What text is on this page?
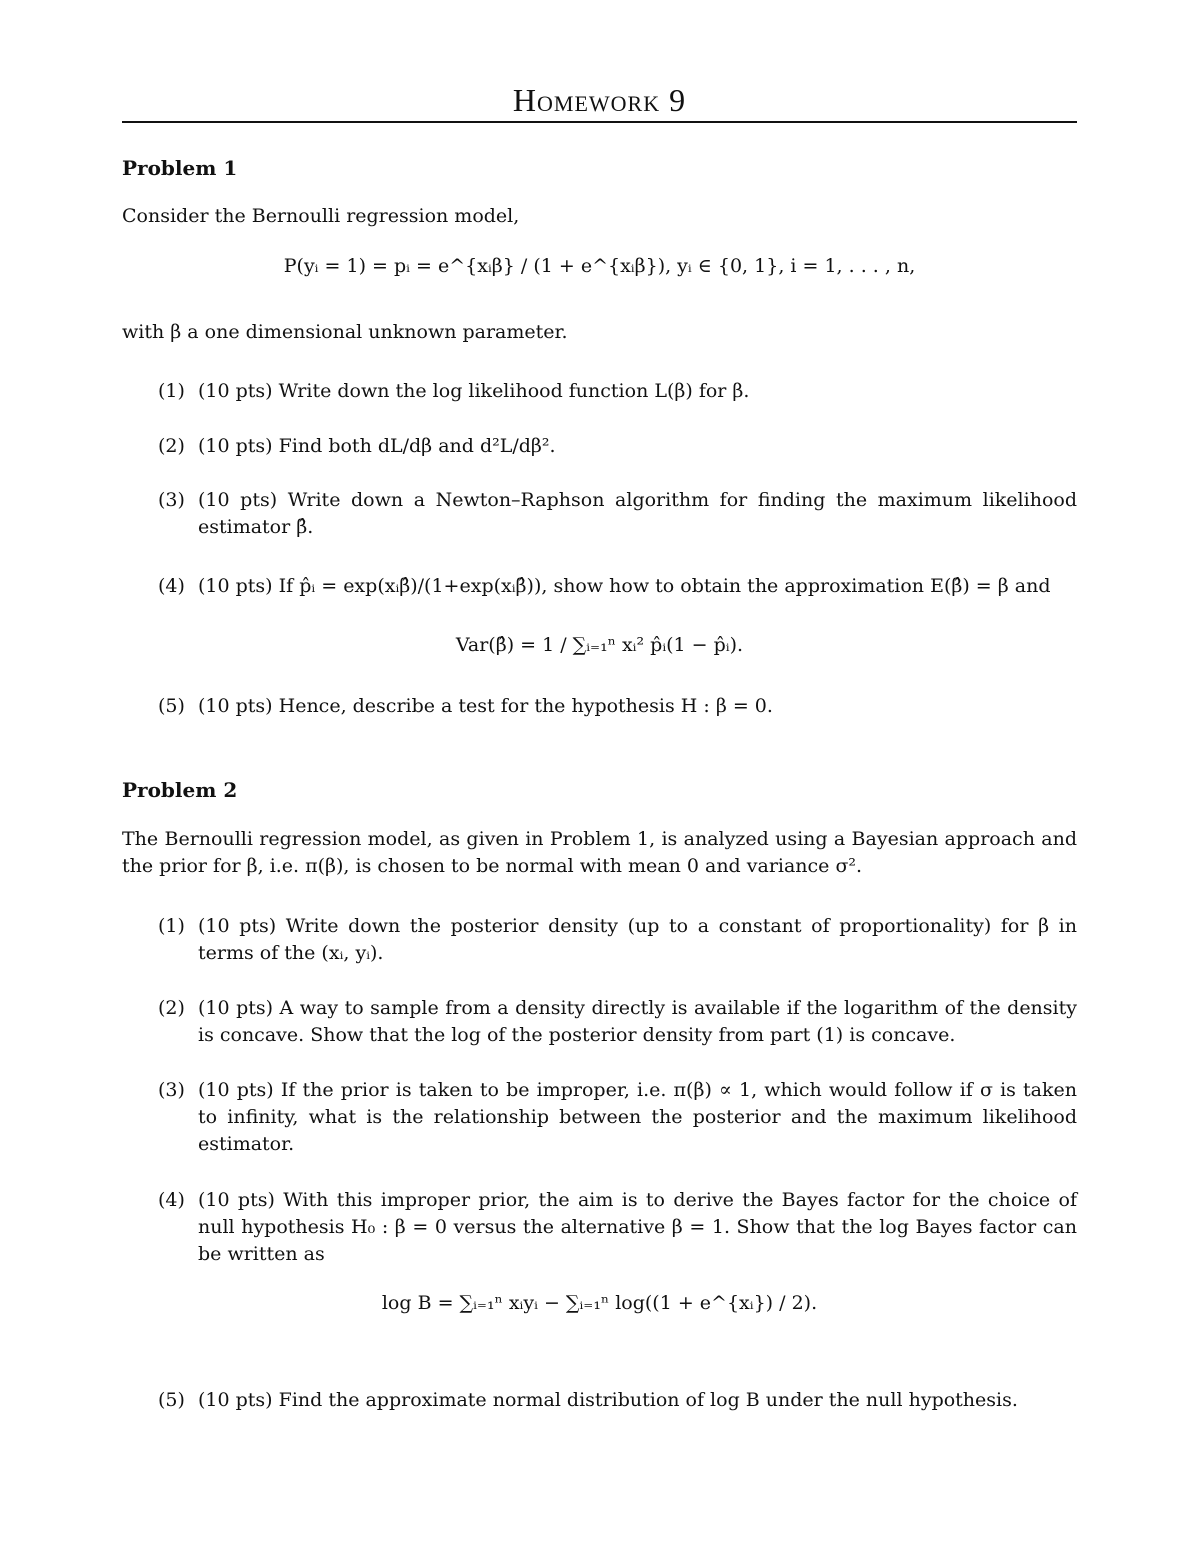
Homework 9
Problem 1
Consider the Bernoulli regression model,
P(yᵢ = 1) = pᵢ = e^{xᵢβ} / (1 + e^{xᵢβ}), yᵢ ∈ {0, 1}, i = 1, . . . , n,
with β a one dimensional unknown parameter.
(1) (10 pts) Write down the log likelihood function L(β) for β.
(2) (10 pts) Find both dL/dβ and d²L/dβ².
(3) (10 pts) Write down a Newton–Raphson algorithm for finding the maximum likelihood estimator β̂.
(4) (10 pts) If p̂ᵢ = exp(xᵢβ̂)/(1+exp(xᵢβ̂)), show how to obtain the approximation E(β̂) = β and
Var(β̂) = 1 / ∑ᵢ₌₁ⁿ xᵢ² p̂ᵢ(1 − p̂ᵢ).
(5) (10 pts) Hence, describe a test for the hypothesis H : β = 0.
Problem 2
The Bernoulli regression model, as given in Problem 1, is analyzed using a Bayesian approach and the prior for β, i.e. π(β), is chosen to be normal with mean 0 and variance σ².
(1) (10 pts) Write down the posterior density (up to a constant of proportionality) for β in terms of the (xᵢ, yᵢ).
(2) (10 pts) A way to sample from a density directly is available if the logarithm of the density is concave. Show that the log of the posterior density from part (1) is concave.
(3) (10 pts) If the prior is taken to be improper, i.e. π(β) ∝ 1, which would follow if σ is taken to infinity, what is the relationship between the posterior and the maximum likelihood estimator.
(4) (10 pts) With this improper prior, the aim is to derive the Bayes factor for the choice of null hypothesis H₀ : β = 0 versus the alternative β = 1. Show that the log Bayes factor can be written as
log B = ∑ᵢ₌₁ⁿ xᵢyᵢ − ∑ᵢ₌₁ⁿ log((1 + e^{xᵢ}) / 2).
(5) (10 pts) Find the approximate normal distribution of log B under the null hypothesis.
